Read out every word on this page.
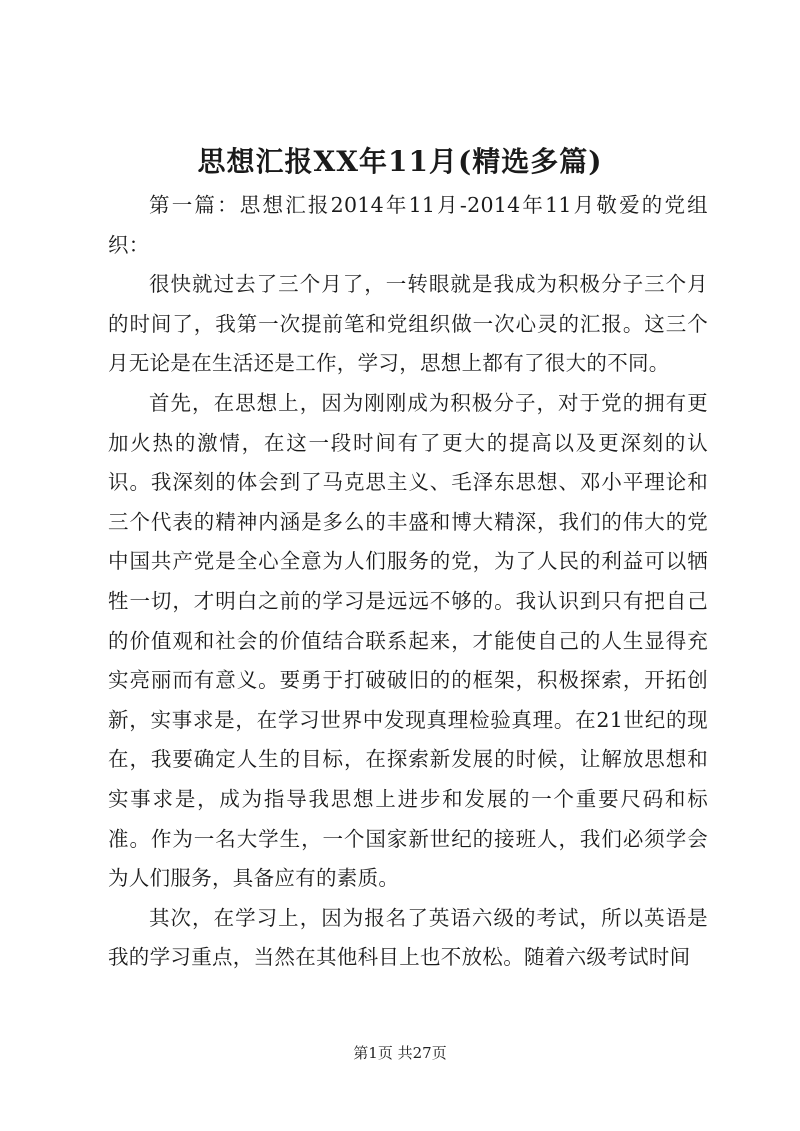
思想汇报XX年11月(精选多篇)

第一篇：思想汇报2014年11月-2014年11月敬爱的党组织：

很快就过去了三个月了，一转眼就是我成为积极分子三个月的时间了，我第一次提前笔和党组织做一次心灵的汇报。这三个月无论是在生活还是工作，学习，思想上都有了很大的不同。

首先，在思想上，因为刚刚成为积极分子，对于党的拥有更加火热的激情，在这一段时间有了更大的提高以及更深刻的认识。我深刻的体会到了马克思主义、毛泽东思想、邓小平理论和三个代表的精神内涵是多么的丰盛和博大精深，我们的伟大的党中国共产党是全心全意为人们服务的党，为了人民的利益可以牺牲一切，才明白之前的学习是远远不够的。我认识到只有把自己的价值观和社会的价值结合联系起来，才能使自己的人生显得充实亮丽而有意义。要勇于打破破旧的的框架，积极探索，开拓创新，实事求是，在学习世界中发现真理检验真理。在21世纪的现在，我要确定人生的目标，在探索新发展的时候，让解放思想和实事求是，成为指导我思想上进步和发展的一个重要尺码和标准。作为一名大学生，一个国家新世纪的接班人，我们必须学会为人们服务，具备应有的素质。

其次，在学习上，因为报名了英语六级的考试，所以英语是我的学习重点，当然在其他科目上也不放松。随着六级考试时间

第1页 共27页
